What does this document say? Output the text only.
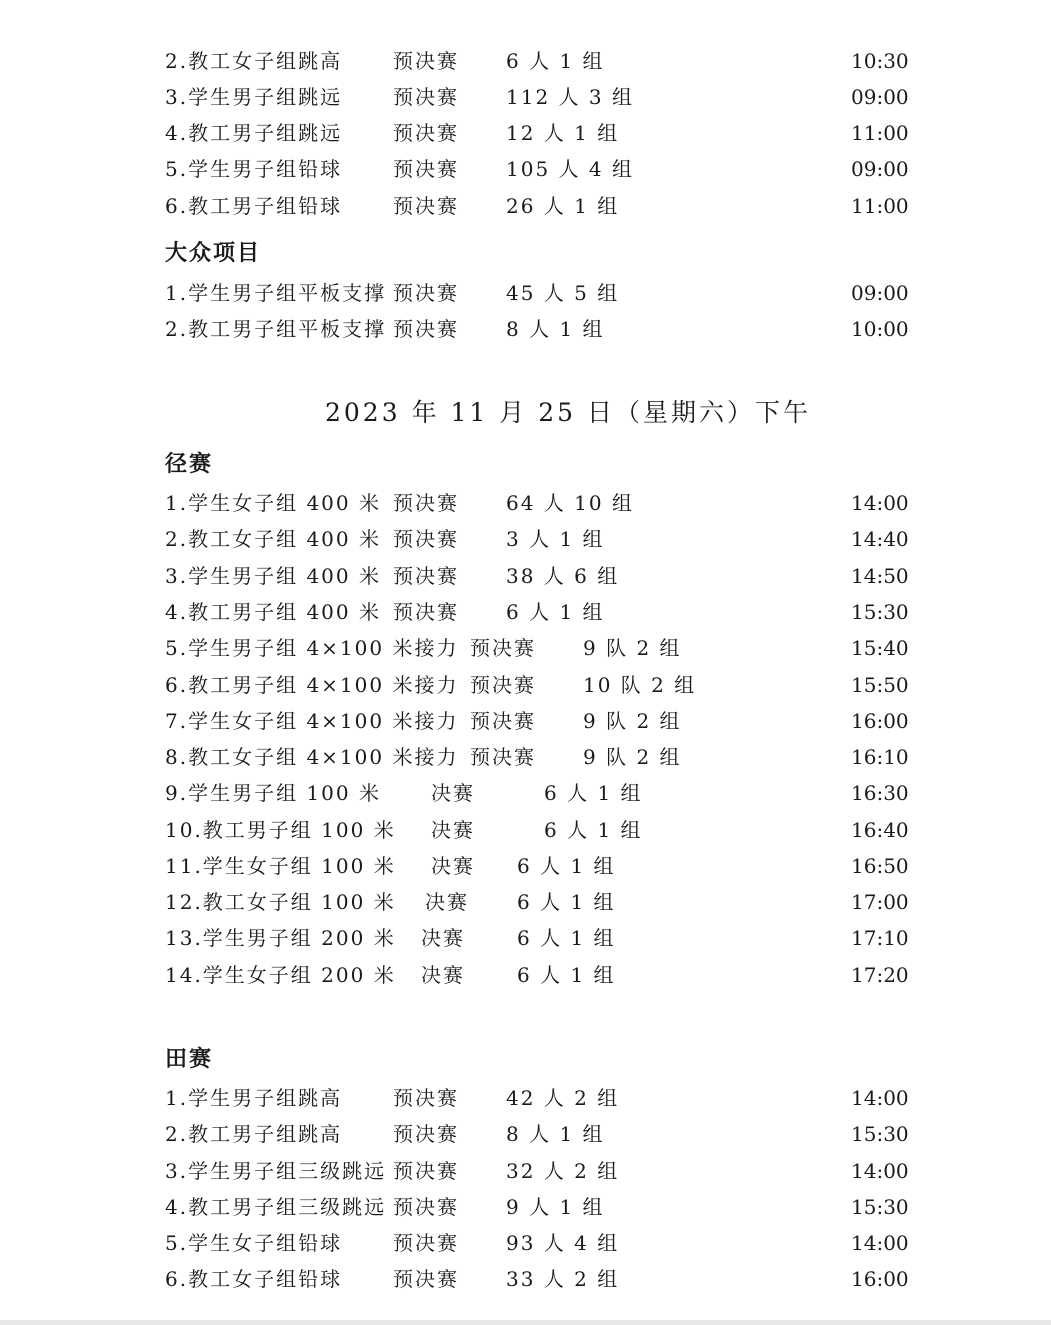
2.教工女子组跳高	预决赛 6 人 1 组	10:30
3.学生男子组跳远	预决赛 112 人 3 组	09:00
4.教工男子组跳远	预决赛 12 人 1 组	11:00
5.学生男子组铅球	预决赛 105 人 4 组	09:00
6.教工男子组铅球	预决赛 26 人 1 组	11:00
大众项目
1.学生男子组平板支撑 预决赛 45 人 5 组	09:00
2.教工男子组平板支撑 预决赛 8 人 1 组	10:00
2023 年 11 月 25 日（星期六）下午
径赛
1.学生女子组 400 米 预决赛 64 人 10 组	14:00
2.教工女子组 400 米 预决赛 3 人 1 组	14:40
3.学生男子组 400 米 预决赛 38 人 6 组	14:50
4.教工男子组 400 米 预决赛 6 人 1 组	15:30
5.学生男子组 4×100 米接力 预决赛 9 队 2 组	15:40
6.教工男子组 4×100 米接力 预决赛 10 队 2 组	15:50
7.学生女子组 4×100 米接力 预决赛 9 队 2 组	16:00
8.教工女子组 4×100 米接力 预决赛 9 队 2 组	16:10
9.学生男子组 100 米	决赛	6 人 1 组	16:30
10.教工男子组 100 米 决赛	6 人 1 组	16:40
11.学生女子组 100 米 决赛 6 人 1 组	16:50
12.教工女子组 100 米 决赛 6 人 1 组	17:00
13.学生男子组 200 米 决赛	6 人 1 组	17:10
14.学生女子组 200 米 决赛	6 人 1 组	17:20
田赛
1.学生男子组跳高	预决赛 42 人 2 组	14:00
2.教工男子组跳高	预决赛 8 人 1 组	15:30
3.学生男子组三级跳远 预决赛 32 人 2 组	14:00
4.教工男子组三级跳远 预决赛 9 人 1 组	15:30
5.学生女子组铅球	预决赛 93 人 4 组	14:00
6.教工女子组铅球	预决赛 33 人 2 组	16:00
